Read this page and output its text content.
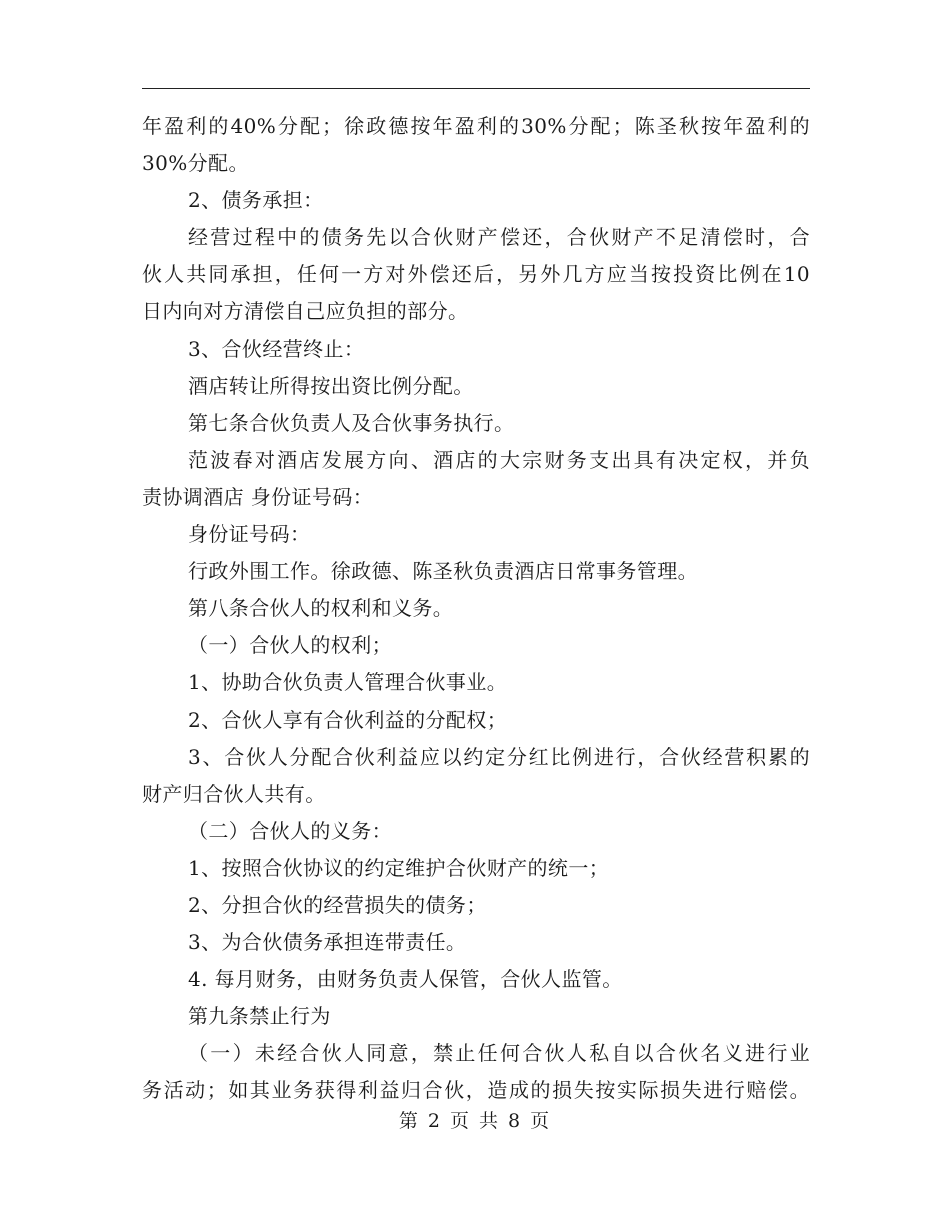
年盈利的40%分配；徐政德按年盈利的30%分配；陈圣秋按年盈利的
30%分配。
2、债务承担：
经营过程中的债务先以合伙财产偿还，合伙财产不足清偿时，合
伙人共同承担，任何一方对外偿还后，另外几方应当按投资比例在10
日内向对方清偿自己应负担的部分。
3、合伙经营终止：
酒店转让所得按出资比例分配。
第七条合伙负责人及合伙事务执行。
范波春对酒店发展方向、酒店的大宗财务支出具有决定权，并负
责协调酒店 身份证号码：
身份证号码：
行政外围工作。徐政德、陈圣秋负责酒店日常事务管理。
第八条合伙人的权利和义务。
（一）合伙人的权利；
1、协助合伙负责人管理合伙事业。
2、合伙人享有合伙利益的分配权；
3、合伙人分配合伙利益应以约定分红比例进行，合伙经营积累的
财产归合伙人共有。
（二）合伙人的义务：
1、按照合伙协议的约定维护合伙财产的统一；
2、分担合伙的经营损失的债务；
3、为合伙债务承担连带责任。
4. 每月财务，由财务负责人保管，合伙人监管。
第九条禁止行为
（一）未经合伙人同意，禁止任何合伙人私自以合伙名义进行业
务活动；如其业务获得利益归合伙，造成的损失按实际损失进行赔偿。
第 2 页 共 8 页
